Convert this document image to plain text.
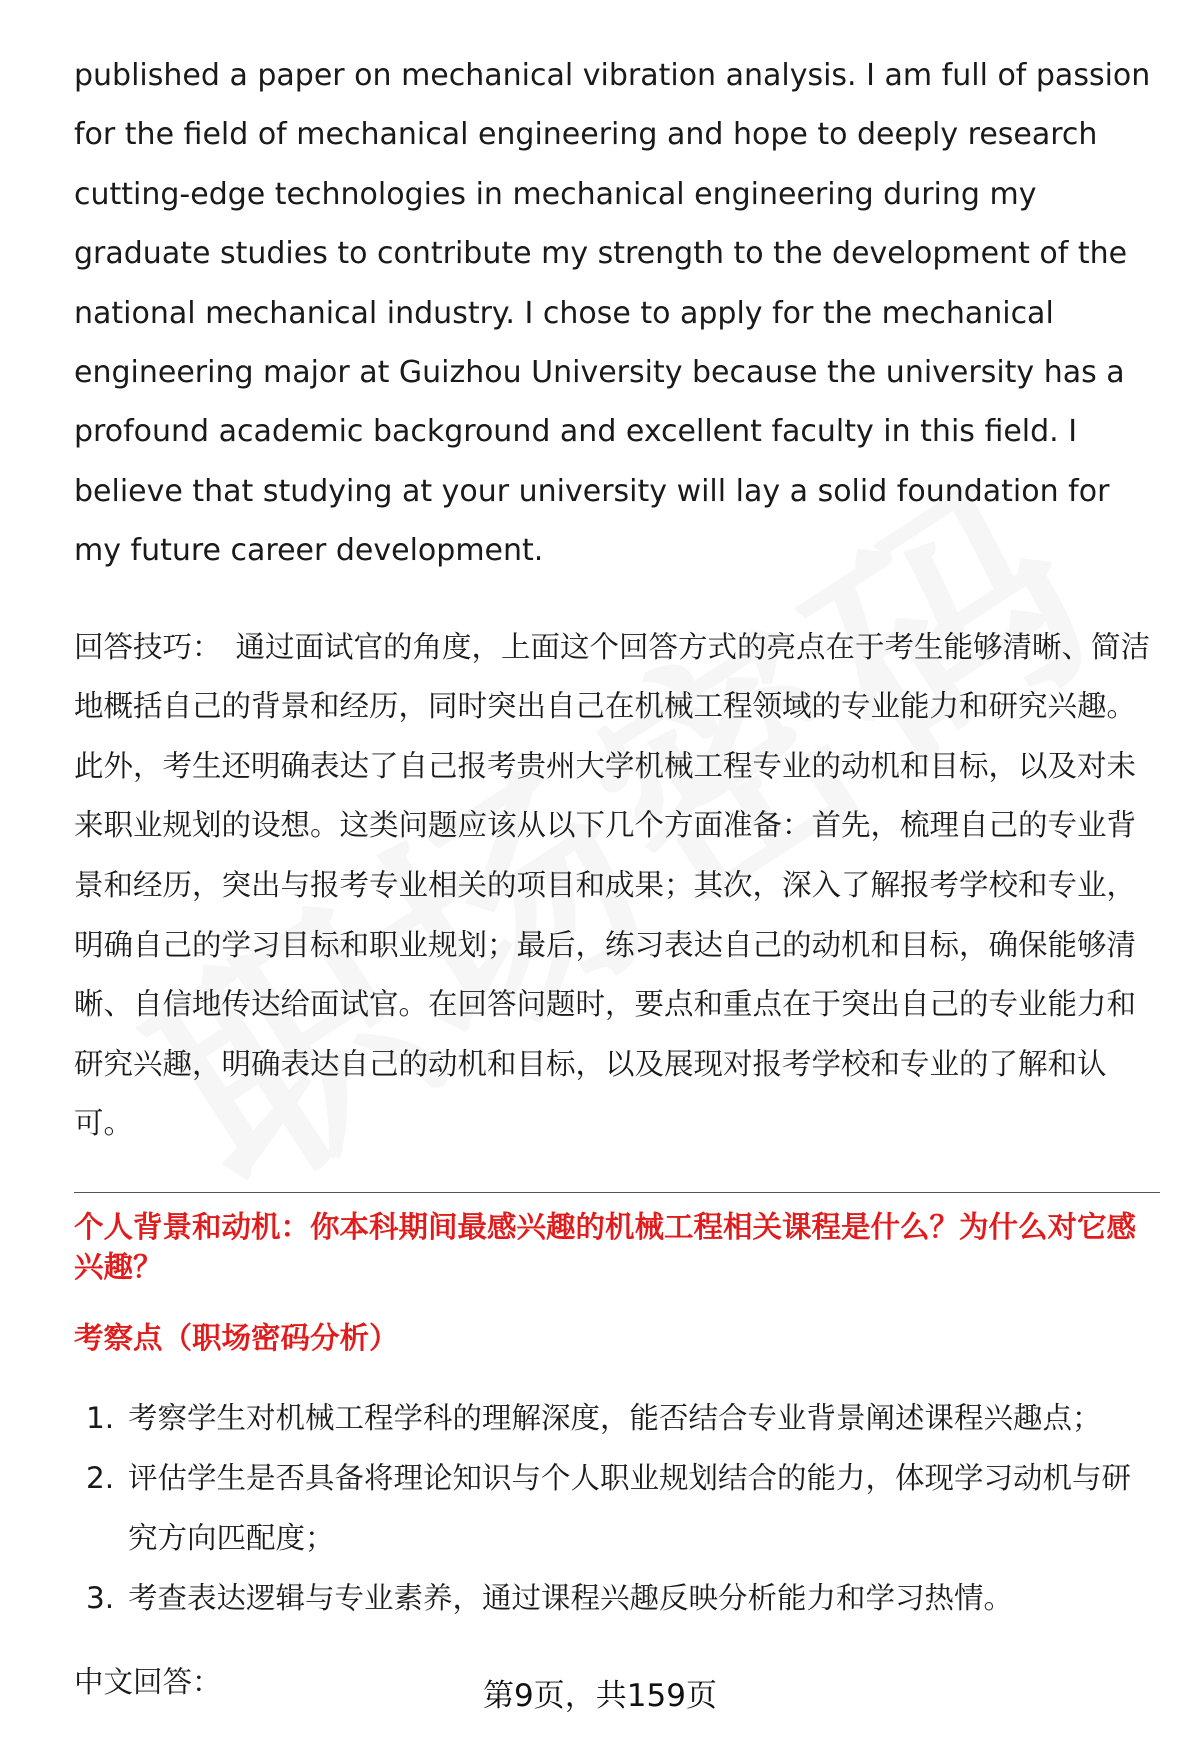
published a paper on mechanical vibration analysis. I am full of passion for the field of mechanical engineering and hope to deeply research cutting-edge technologies in mechanical engineering during my graduate studies to contribute my strength to the development of the national mechanical industry. I chose to apply for the mechanical engineering major at Guizhou University because the university has a profound academic background and excellent faculty in this field. I believe that studying at your university will lay a solid foundation for my future career development.

回答技巧： 通过面试官的角度，上面这个回答方式的亮点在于考生能够清晰、简洁地概括自己的背景和经历，同时突出自己在机械工程领域的专业能力和研究兴趣。此外，考生还明确表达了自己报考贵州大学机械工程专业的动机和目标，以及对未来职业规划的设想。这类问题应该从以下几个方面准备：首先，梳理自己的专业背景和经历，突出与报考专业相关的项目和成果；其次，深入了解报考学校和专业，明确自己的学习目标和职业规划；最后，练习表达自己的动机和目标，确保能够清晰、自信地传达给面试官。在回答问题时，要点和重点在于突出自己的专业能力和研究兴趣，明确表达自己的动机和目标，以及展现对报考学校和专业的了解和认可。

个人背景和动机：你本科期间最感兴趣的机械工程相关课程是什么？为什么对它感兴趣？
考察点（职场密码分析）
1. 考察学生对机械工程学科的理解深度，能否结合专业背景阐述课程兴趣点；
2. 评估学生是否具备将理论知识与个人职业规划结合的能力，体现学习动机与研究方向匹配度；
3. 考查表达逻辑与专业素养，通过课程兴趣反映分析能力和学习热情。

中文回答：	第9页，共159页
